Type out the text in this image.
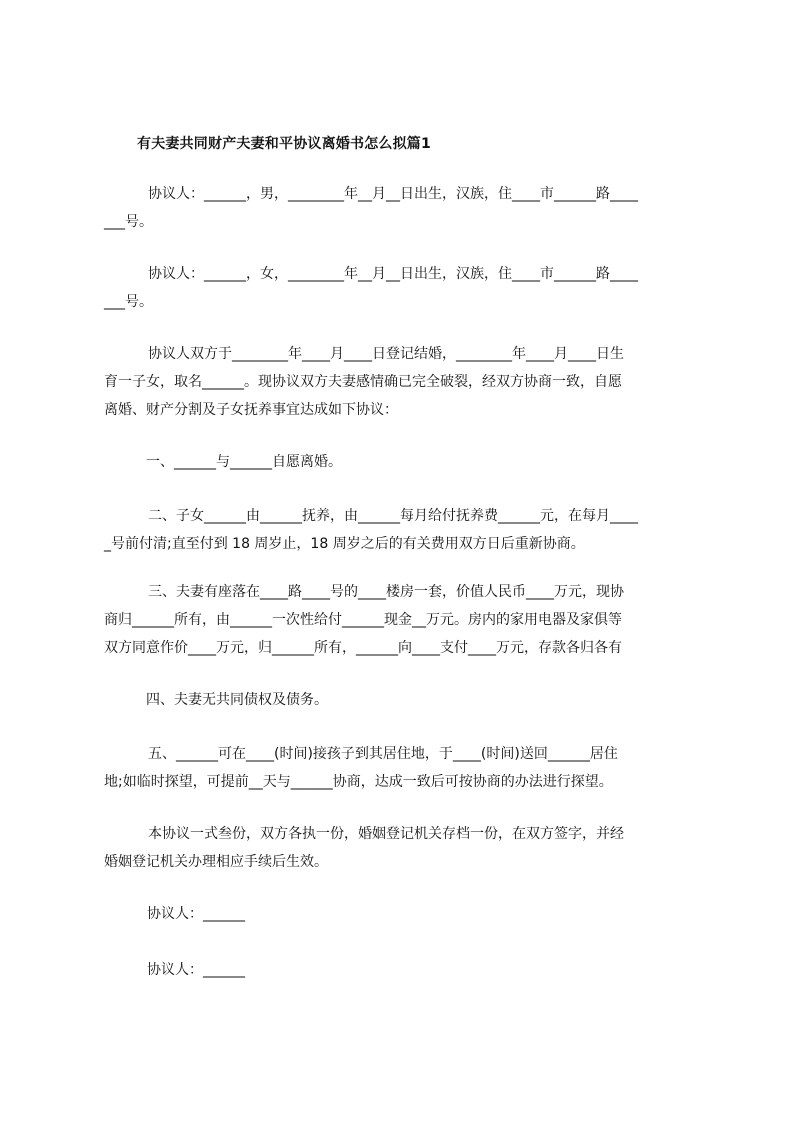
有夫妻共同财产夫妻和平协议离婚书怎么拟篇1

协议人：______，男，________年__月__日出生，汉族，住____市______路____
___号。

协议人：______，女，________年__月__日出生，汉族，住____市______路____
___号。

协议人双方于________年____月____日登记结婚，________年____月____日生
育一子女，取名______。现协议双方夫妻感情确已完全破裂，经双方协商一致，自愿
离婚、财产分割及子女抚养事宜达成如下协议：

一、______与______自愿离婚。

二、子女______由______抚养，由______每月给付抚养费______元，在每月____
_号前付清;直至付到 18 周岁止，18 周岁之后的有关费用双方日后重新协商。

三、夫妻有座落在____路____号的____楼房一套，价值人民币____万元，现协
商归______所有，由______一次性给付______现金__万元。房内的家用电器及家俱等
双方同意作价____万元，归______所有，______向____支付____万元，存款各归各有

四、夫妻无共同债权及债务。

五、______可在____(时间)接孩子到其居住地，于____(时间)送回______居住
地;如临时探望，可提前__天与______协商，达成一致后可按协商的办法进行探望。

本协议一式叁份，双方各执一份，婚姻登记机关存档一份，在双方签字，并经
婚姻登记机关办理相应手续后生效。

协议人：______
协议人：______
